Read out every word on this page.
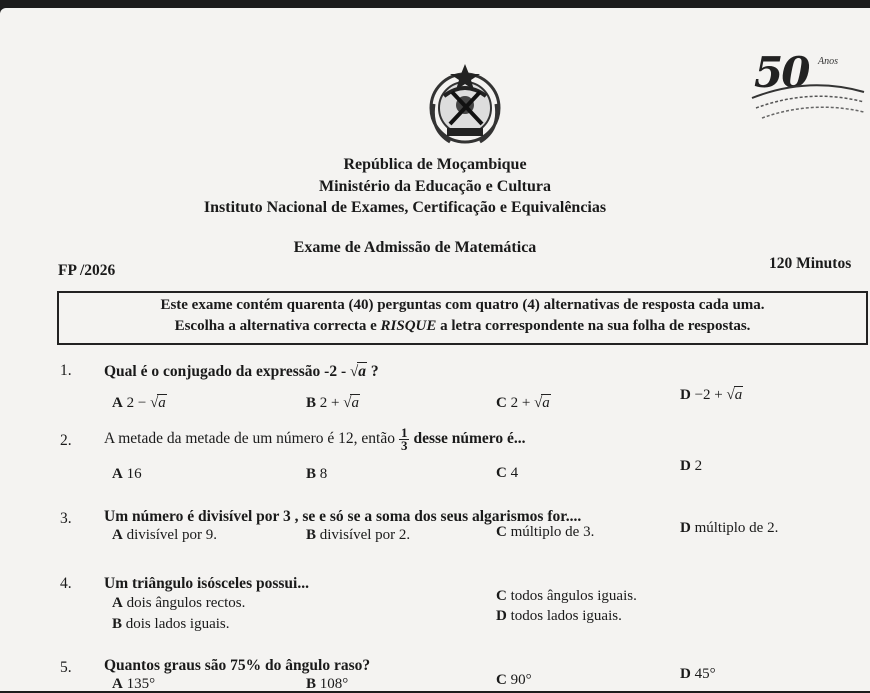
50 Anos
República de Moçambique
Ministério da Educação e Cultura
Instituto Nacional de Exames, Certificação e Equivalências
Exame de Admissão de Matemática
FP /2026	120 Minutos
Este exame contém quarenta (40) perguntas com quatro (4) alternativas de resposta cada uma.
Escolha a alternativa correcta e RISQUE a letra correspondente na sua folha de respostas.
1. Qual é o conjugado da expressão -2 - √a ?
A 2 − √a	B 2 + √a	C 2 + √a	D −2 + √a
2. A metade da metade de um número é 12, então $\frac{1}{3}$ desse número é...
A 16	B 8	C 4	D 2
3. Um número é divisível por 3 , se e só se a soma dos seus algarismos for....
A divisível por 9.	B divisível por 2.	C múltiplo de 3.	D múltiplo de 2.
4. Um triângulo isósceles possui...
A dois ângulos rectos.
B dois lados iguais.
C todos ângulos iguais.
D todos lados iguais.
5. Quantos graus são 75% do ângulo raso?
A 135°	B 108°	C 90°	D 45°
